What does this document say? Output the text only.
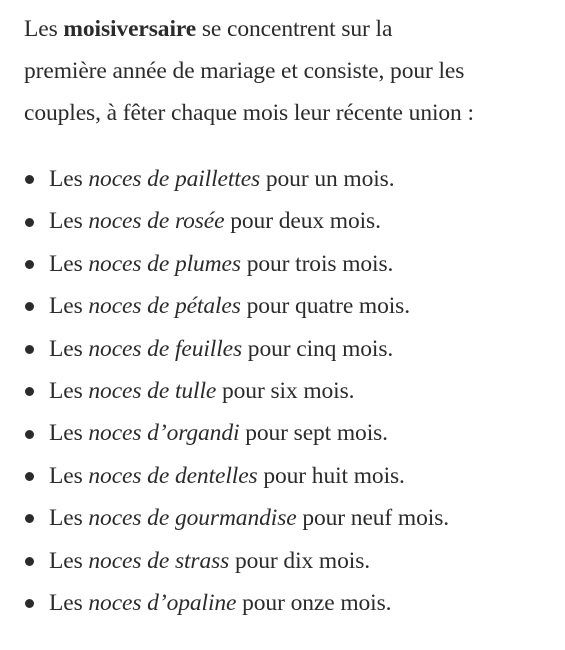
Les moisiversaire se concentrent sur la
première année de mariage et consiste, pour les
couples, à fêter chaque mois leur récente union :

Les noces de paillettes pour un mois.
Les noces de rosée pour deux mois.
Les noces de plumes pour trois mois.
Les noces de pétales pour quatre mois.
Les noces de feuilles pour cinq mois.
Les noces de tulle pour six mois.
Les noces d’organdi pour sept mois.
Les noces de dentelles pour huit mois.
Les noces de gourmandise pour neuf mois.
Les noces de strass pour dix mois.
Les noces d’opaline pour onze mois.
